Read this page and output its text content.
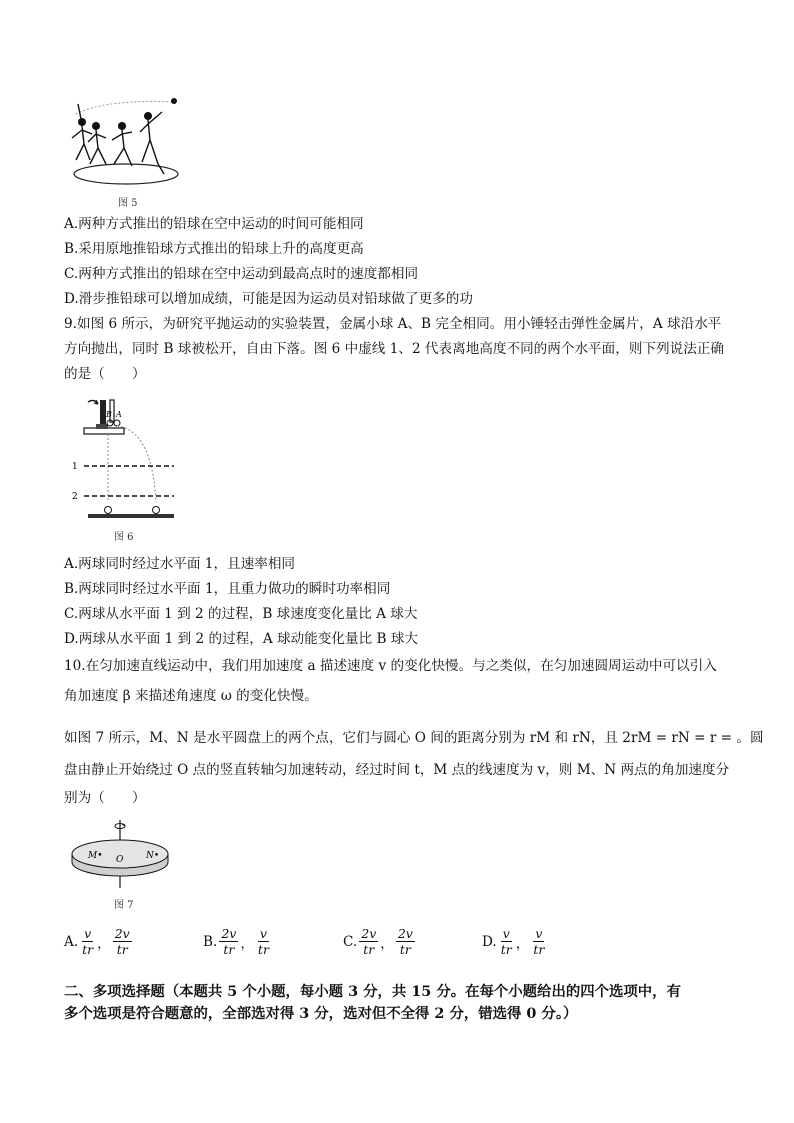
图 5
A.两种方式推出的铅球在空中运动的时间可能相同
B.采用原地推铅球方式推出的铅球上升的高度更高
C.两种方式推出的铅球在空中运动到最高点时的速度都相同
D.滑步推铅球可以增加成绩，可能是因为运动员对铅球做了更多的功
9.如图 6 所示，为研究平抛运动的实验装置，金属小球 A、B 完全相同。用小锤轻击弹性金属片，A 球沿水平
方向抛出，同时 B 球被松开，自由下落。图 6 中虚线 1、2 代表离地高度不同的两个水平面，则下列说法正确
的是（　　）
B A
1
2
图 6
A.两球同时经过水平面 1，且速率相同
B.两球同时经过水平面 1，且重力做功的瞬时功率相同
C.两球从水平面 1 到 2 的过程，B 球速度变化量比 A 球大
D.两球从水平面 1 到 2 的过程，A 球动能变化量比 B 球大
10.在匀加速直线运动中，我们用加速度 a 描述速度 v 的变化快慢。与之类似，在匀加速圆周运动中可以引入
角加速度 β 来描述角速度 ω 的变化快慢。
如图 7 所示，M、N 是水平圆盘上的两个点，它们与圆心 O 间的距离分别为 rM 和 rN，且 2rM = rN = r = 。圆
盘由静止开始绕过 O 点的竖直转轴匀加速转动，经过时间 t，M 点的线速度为 v，则 M、N 两点的角加速度分
别为（　　）
M• O	N•
图 7
A. $\frac{v}{tr}$ ， $\frac{2v}{tr}$	B. $\frac{2v}{tr}$ ， $\frac{v}{tr}$	C. $\frac{2v}{tr}$ ， $\frac{2v}{tr}$	D. $\frac{v}{tr}$ ， $\frac{v}{tr}$
二、多项选择题（本题共 5 个小题，每小题 3 分，共 15 分。在每个小题给出的四个选项中，有
多个选项是符合题意的，全部选对得 3 分，选对但不全得 2 分，错选得 0 分。）
